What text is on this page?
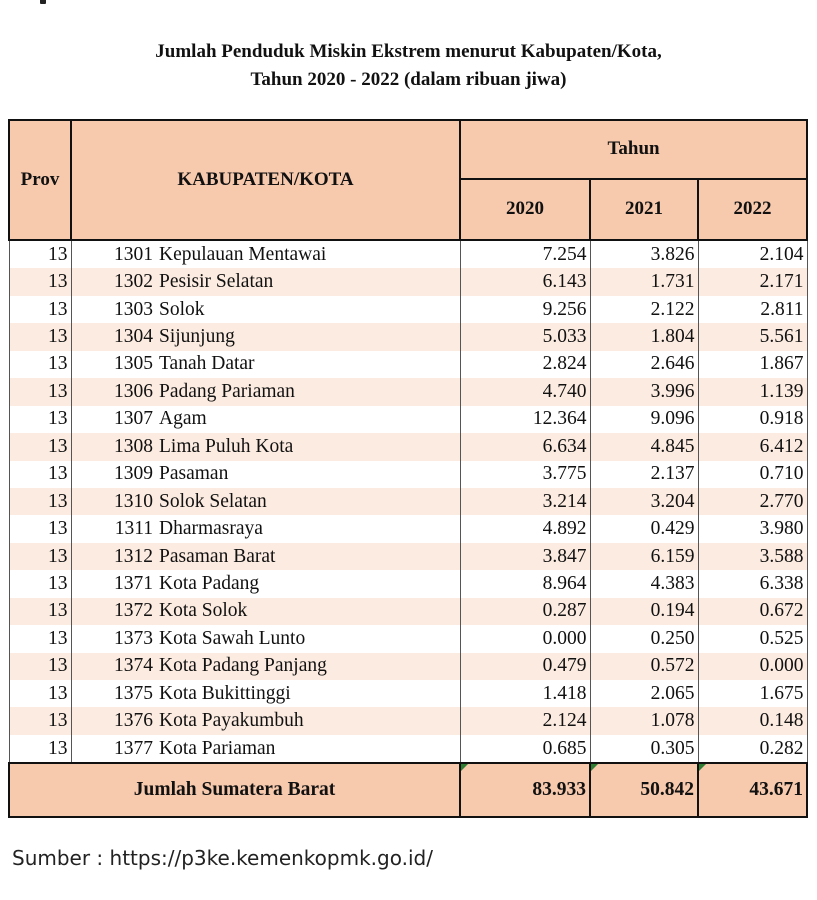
Jumlah Penduduk Miskin Ekstrem menurut Kabupaten/Kota,
Tahun 2020 - 2022 (dalam ribuan jiwa)
Prov	KABUPATEN/KOTA		Tahun		
			2020	2021	2022
13	1301	Kepulauan Mentawai	7.254	3.826	2.104
13	1302	Pesisir Selatan	6.143	1.731	2.171
13	1303	Solok	9.256	2.122	2.811
13	1304	Sijunjung	5.033	1.804	5.561
13	1305	Tanah Datar	2.824	2.646	1.867
13	1306	Padang Pariaman	4.740	3.996	1.139
13	1307	Agam	12.364	9.096	0.918
13	1308	Lima Puluh Kota	6.634	4.845	6.412
13	1309	Pasaman	3.775	2.137	0.710
13	1310	Solok Selatan	3.214	3.204	2.770
13	1311	Dharmasraya	4.892	0.429	3.980
13	1312	Pasaman Barat	3.847	6.159	3.588
13	1371	Kota Padang	8.964	4.383	6.338
13	1372	Kota Solok	0.287	0.194	0.672
13	1373	Kota Sawah Lunto	0.000	0.250	0.525
13	1374	Kota Padang Panjang	0.479	0.572	0.000
13	1375	Kota Bukittinggi	1.418	2.065	1.675
13	1376	Kota Payakumbuh	2.124	1.078	0.148
13	1377	Kota Pariaman	0.685	0.305	0.282
Jumlah Sumatera Barat			83.933	50.842	43.671
Sumber : https://p3ke.kemenkopmk.go.id/
